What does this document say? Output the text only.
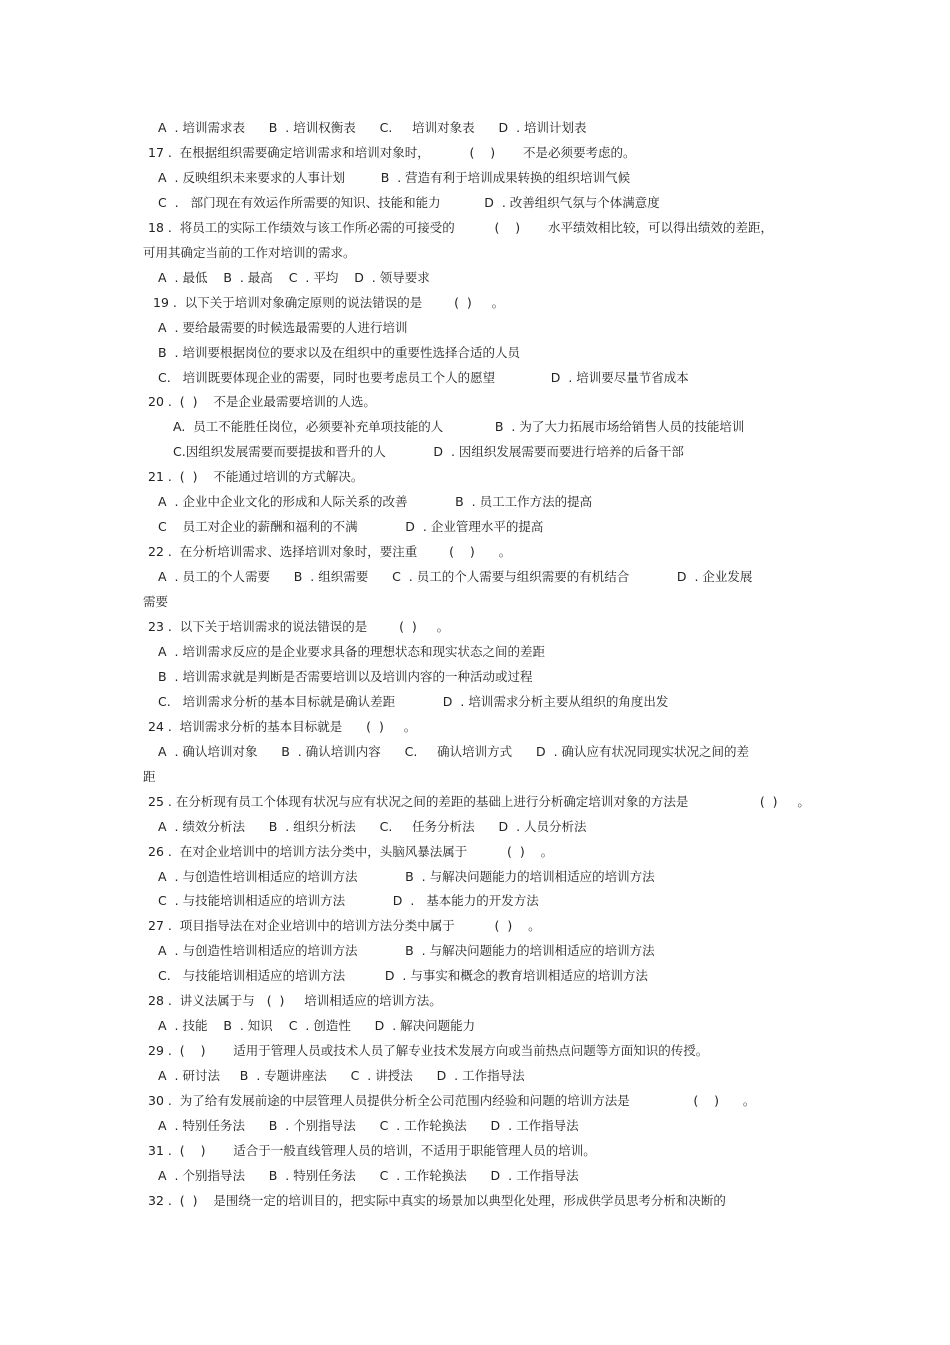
A  . 培训需求表      B  . 培训权衡表      C.     培训对象表      D  . 培训计划表
17 .  在根据组织需要确定培训需求和培训对象时，          (    )       不是必须要考虑的。
A  . 反映组织未来要求的人事计划         B  . 营造有利于培训成果转换的组织培训气候
C  .   部门现在有效运作所需要的知识、技能和能力           D  . 改善组织气氛与个体满意度
18 .  将员工的实际工作绩效与该工作所必需的可接受的          (    )       水平绩效相比较，可以得出绩效的差距，
可用其确定当前的工作对培训的需求。
A  . 最低    B  . 最高    C  . 平均    D  . 领导要求
19 .  以下关于培训对象确定原则的说法错误的是        (  )     。
A  . 要给最需要的时候选最需要的人进行培训
B  . 培训要根据岗位的要求以及在组织中的重要性选择合适的人员
C.   培训既要体现企业的需要，同时也要考虑员工个人的愿望              D  . 培训要尽量节省成本
20 .  (  )    不是企业最需要培训的人选。
A.  员工不能胜任岗位，必须要补充单项技能的人             B  . 为了大力拓展市场给销售人员的技能培训
C.因组织发展需要而要提拔和晋升的人            D  . 因组织发展需要而要进行培养的后备干部
21 .  (  )    不能通过培训的方式解决。
A  . 企业中企业文化的形成和人际关系的改善            B  . 员工工作方法的提高
C    员工对企业的薪酬和福利的不满            D  . 企业管理水平的提高
22 .  在分析培训需求、选择培训对象时，要注重        (    )      。
A  . 员工的个人需要      B  . 组织需要      C  . 员工的个人需要与组织需要的有机结合            D  . 企业发展
需要
23 .  以下关于培训需求的说法错误的是        (  )     。
A  . 培训需求反应的是企业要求具备的理想状态和现实状态之间的差距
B  . 培训需求就是判断是否需要培训以及培训内容的一种活动或过程
C.   培训需求分析的基本目标就是确认差距            D  . 培训需求分析主要从组织的角度出发
24 .  培训需求分析的基本目标就是      (  )     。
A  . 确认培训对象      B  . 确认培训内容      C.     确认培训方式      D  . 确认应有状况同现实状况之间的差
距
25 . 在分析现有员工个体现有状况与应有状况之间的差距的基础上进行分析确定培训对象的方法是                  (  )     。
A  . 绩效分析法      B  . 组织分析法      C.     任务分析法      D  . 人员分析法
26 .  在对企业培训中的培训方法分类中，头脑风暴法属于          (  )    。
A  . 与创造性培训相适应的培训方法            B  . 与解决问题能力的培训相适应的培训方法
C  . 与技能培训相适应的培训方法            D  .   基本能力的开发方法
27 .  项目指导法在对企业培训中的培训方法分类中属于          (  )    。
A  . 与创造性培训相适应的培训方法            B  . 与解决问题能力的培训相适应的培训方法
C.   与技能培训相适应的培训方法          D  . 与事实和概念的教育培训相适应的培训方法
28 .  讲义法属于与   (  )     培训相适应的培训方法。
A  . 技能    B  . 知识    C  . 创造性      D  . 解决问题能力
29 .  (    )       适用于管理人员或技术人员了解专业技术发展方向或当前热点问题等方面知识的传授。
A  . 研讨法     B  . 专题讲座法      C  . 讲授法      D  . 工作指导法
30 .  为了给有发展前途的中层管理人员提供分析全公司范围内经验和问题的培训方法是                (    )      。
A  . 特别任务法      B  . 个别指导法      C  . 工作轮换法      D  . 工作指导法
31 .  (    )       适合于一般直线管理人员的培训，不适用于职能管理人员的培训。
A  . 个别指导法      B  . 特别任务法      C  . 工作轮换法      D  . 工作指导法
32 .  (  )    是围绕一定的培训目的，把实际中真实的场景加以典型化处理，形成供学员思考分析和决断的
